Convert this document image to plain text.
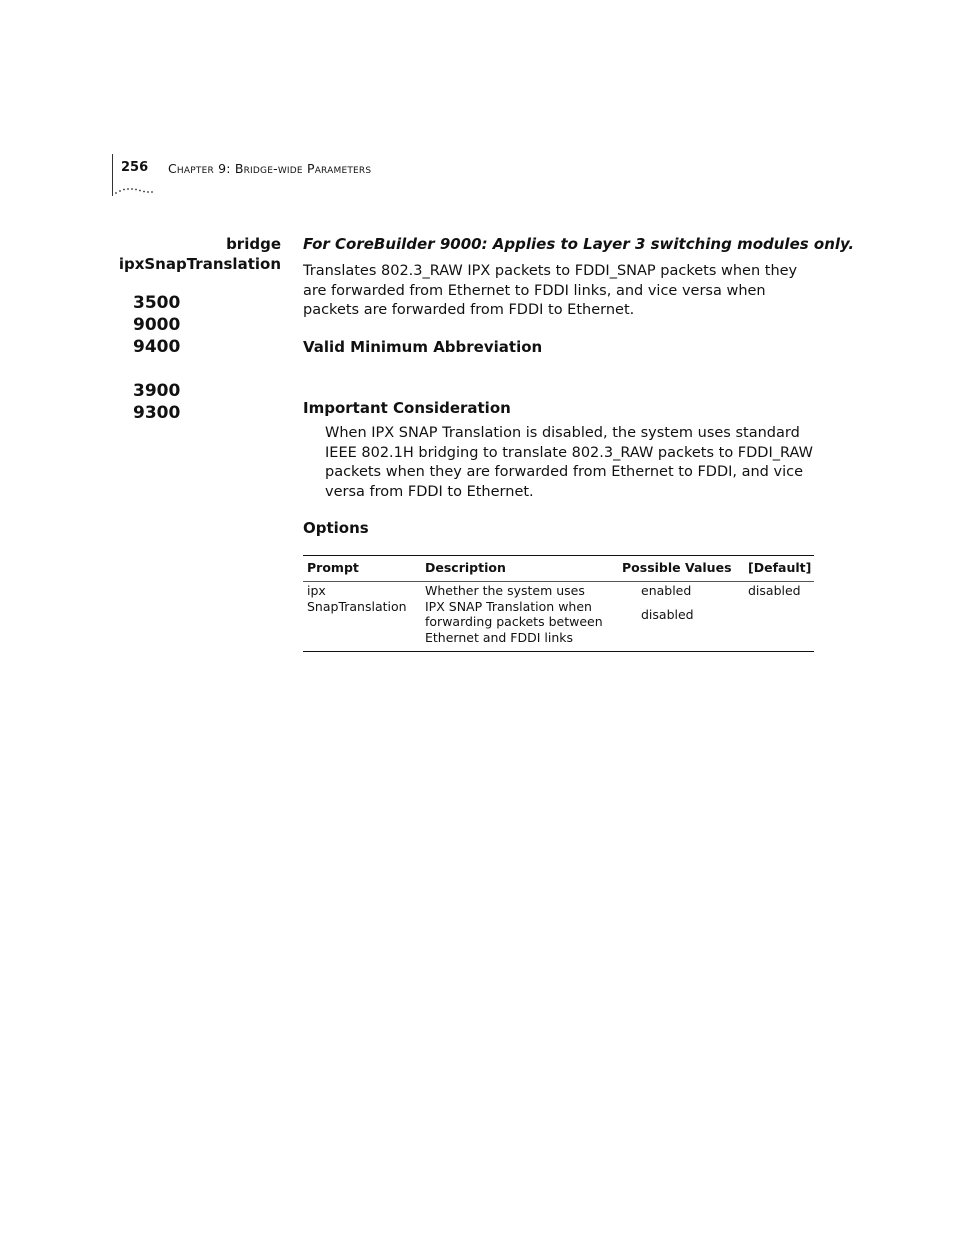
256 Chapter 9: Bridge-wide Parameters
bridge
ipxSnapTranslation
3500
9000
9400
3900
9300
For CoreBuilder 9000: Applies to Layer 3 switching modules only.
Translates 802.3_RAW IPX packets to FDDI_SNAP packets when they are forwarded from Ethernet to FDDI links, and vice versa when packets are forwarded from FDDI to Ethernet.
Valid Minimum Abbreviation
Important Consideration
When IPX SNAP Translation is disabled, the system uses standard IEEE 802.1H bridging to translate 802.3_RAW packets to FDDI_RAW packets when they are forwarded from Ethernet to FDDI, and vice versa from FDDI to Ethernet.
Options
Prompt	Description	Possible Values [Default]
ipx
SnapTranslation
Whether the system uses IPX SNAP Translation when forwarding packets between Ethernet and FDDI links
enabled
disabled
disabled
